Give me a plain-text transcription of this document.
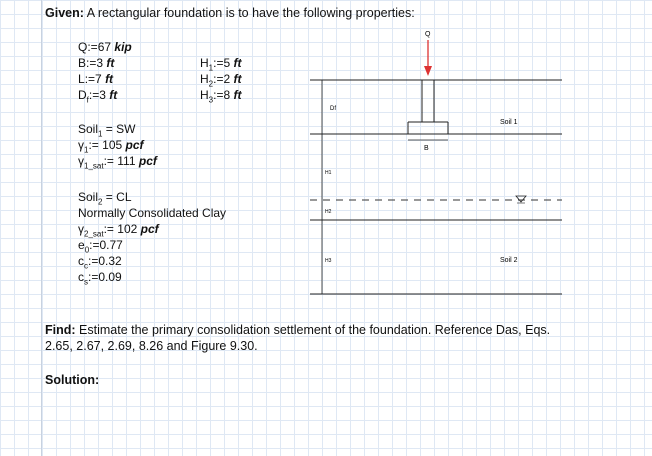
Given: A rectangular foundation is to have the following properties:
Q:=67 kip
B:=3 ft
L:=7 ft
$D_f:=3$ ft
$H_1:=5$ ft
$H_2:=2$ ft
$H_3:=8$ ft
Soil$_1$ = SW
$\gamma_1:= 105$ pcf
$\gamma_{1\_sat}:= 111$ pcf
Soil$_2$ = CL
Normally Consolidated Clay
$\gamma_{2\_sat}:= 102$ pcf
$e_0:=0.77$
$c_c:=0.32$
$c_s:=0.09$
Q
B
Df
H1
H2
H3
Soil 1
Soil 2
Find: Estimate the primary consolidation settlement of the foundation. Reference Das, Eqs.
2.65, 2.67, 2.69, 8.26 and Figure 9.30.
Solution:
